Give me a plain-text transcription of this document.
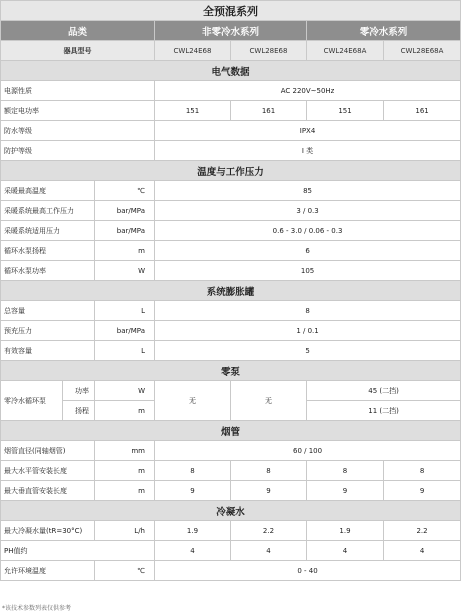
全预混系列						
品类			非零冷水系列		零冷水系列	
器具型号			CWL24E68	CWL28E68	CWL24E68A	CWL28E68A
电气数据						
电源性质			AC 220V~50Hz			
额定电功率			151	161	151	161
防水等级			IPX4			
防护等级			I 类			
温度与工作压力						
采暖最高温度		℃	85			
采暖系统最高工作压力		bar/MPa	3 / 0.3			
采暖系统适用压力		bar/MPa	0.6 - 3.0 / 0.06 - 0.3			
循环水泵扬程		m	6			
循环水泵功率		W	105			
系统膨胀罐						
总容量		L	8			
预充压力		bar/MPa	1 / 0.1			
有效容量		L	5			
零泵						
零冷水循环泵	功率	W	无	无	45 (二挡)	
	扬程	m			11 (二挡)	
烟管						
烟管直径(同轴烟管)		mm	60 / 100			
最大水平管安装长度		m	8	8	8	8
最大垂直管安装长度		m	9	9	9	9
冷凝水						
最大冷凝水量(tR=30°C)		L/h	1.9	2.2	1.9	2.2
PH值约			4	4	4	4
允许环境温度		℃	0 - 40			
*该技术参数列表仅供参考
